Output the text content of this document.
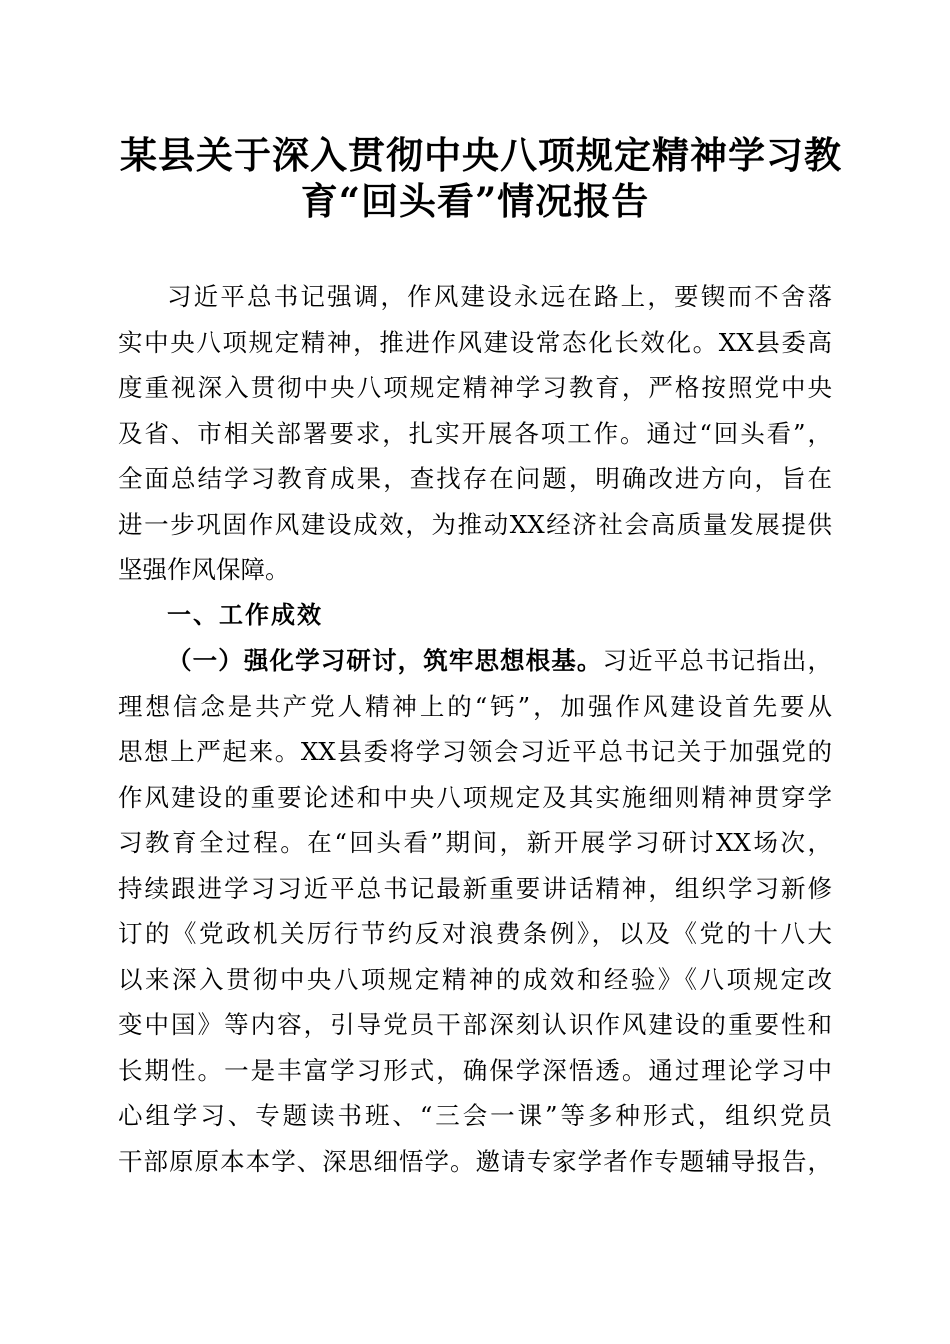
某县关于深入贯彻中央八项规定精神学习教
育“回头看”情况报告
习近平总书记强调，作风建设永远在路上，要锲而不舍落
实中央八项规定精神，推进作风建设常态化长效化。XX县委高
度重视深入贯彻中央八项规定精神学习教育，严格按照党中央
及省、市相关部署要求，扎实开展各项工作。通过“回头看”，
全面总结学习教育成果，查找存在问题，明确改进方向，旨在
进一步巩固作风建设成效，为推动XX经济社会高质量发展提供
坚强作风保障。
一、工作成效
（一）强化学习研讨，筑牢思想根基。习近平总书记指出，
理想信念是共产党人精神上的“钙”，加强作风建设首先要从
思想上严起来。XX县委将学习领会习近平总书记关于加强党的
作风建设的重要论述和中央八项规定及其实施细则精神贯穿学
习教育全过程。在“回头看”期间，新开展学习研讨XX场次，
持续跟进学习习近平总书记最新重要讲话精神，组织学习新修
订的《党政机关厉行节约反对浪费条例》，以及《党的十八大
以来深入贯彻中央八项规定精神的成效和经验》《八项规定改
变中国》等内容，引导党员干部深刻认识作风建设的重要性和
长期性。一是丰富学习形式，确保学深悟透。通过理论学习中
心组学习、专题读书班、“三会一课”等多种形式，组织党员
干部原原本本学、深思细悟学。邀请专家学者作专题辅导报告，
